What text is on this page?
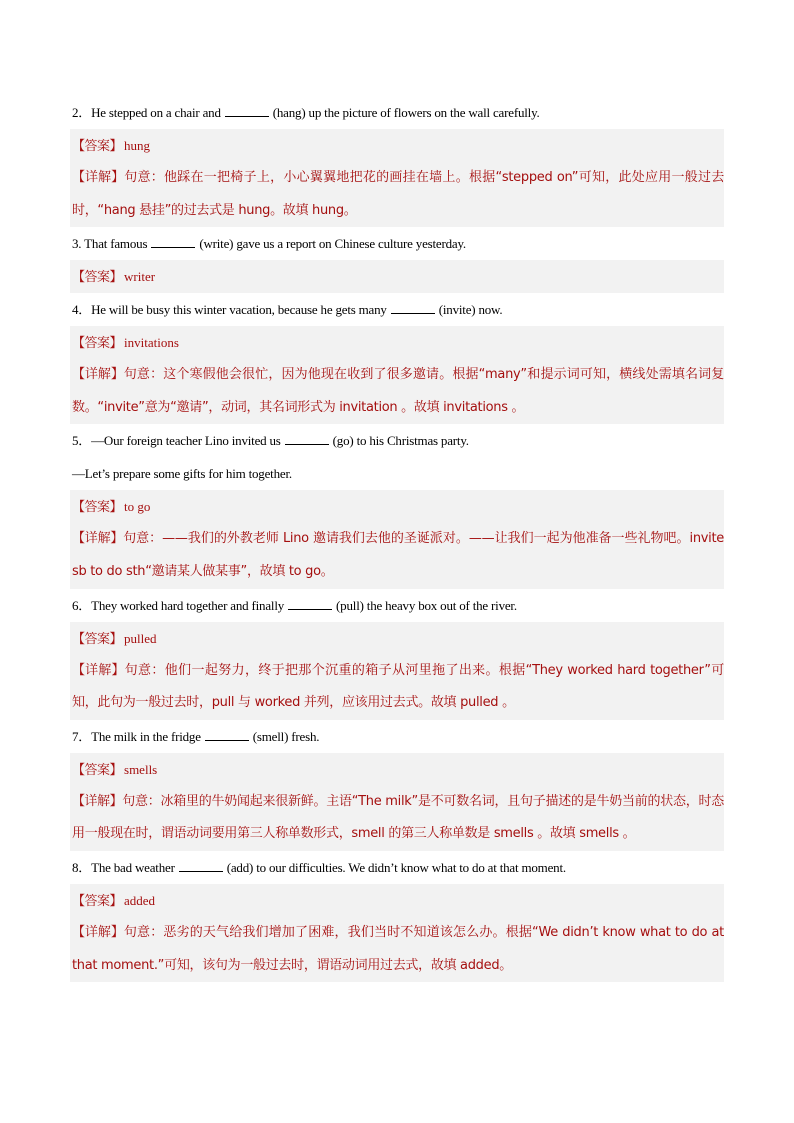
2．He stepped on a chair and	(hang) up the picture of flowers on the wall carefully.
【答案】 hung
【详解】句意：他踩在一把椅子上，小心翼翼地把花的画挂在墙上。根据“stepped on”可知，此处应用一般过去时，“hang 悬挂”的过去式是 hung。故填 hung。
3. That famous	(write) gave us a report on Chinese culture yesterday.
【答案】 writer
4．He will be busy this winter vacation, because he gets many	(invite) now.
【答案】 invitations
【详解】句意：这个寒假他会很忙，因为他现在收到了很多邀请。根据“many”和提示词可知，横线处需填名词复数。“invite”意为“邀请”，动词，其名词形式为 invitation 。故填 invitations 。
5．—Our foreign teacher Lino invited us	(go) to his Christmas party.
—Let’s prepare some gifts for him together.
【答案】 to go
【详解】句意：——我们的外教老师 Lino 邀请我们去他的圣诞派对。——让我们一起为他准备一些礼物吧。invite sb to do sth“邀请某人做某事”，故填 to go。
6．They worked hard together and finally	(pull) the heavy box out of the river.
【答案】 pulled
【详解】句意：他们一起努力，终于把那个沉重的箱子从河里拖了出来。根据“They worked hard together”可知，此句为一般过去时，pull 与 worked 并列，应该用过去式。故填 pulled 。
7．The milk in the fridge	(smell) fresh.
【答案】 smells
【详解】句意：冰箱里的牛奶闻起来很新鲜。主语“The milk”是不可数名词，且句子描述的是牛奶当前的状态，时态用一般现在时，谓语动词要用第三人称单数形式，smell 的第三人称单数是 smells 。故填 smells 。
8．The bad weather	(add) to our difficulties. We didn’t know what to do at that moment.
【答案】 added
【详解】句意：恶劣的天气给我们增加了困难，我们当时不知道该怎么办。根据“We didn’t know what to do at that moment.”可知，该句为一般过去时，谓语动词用过去式，故填 added。
